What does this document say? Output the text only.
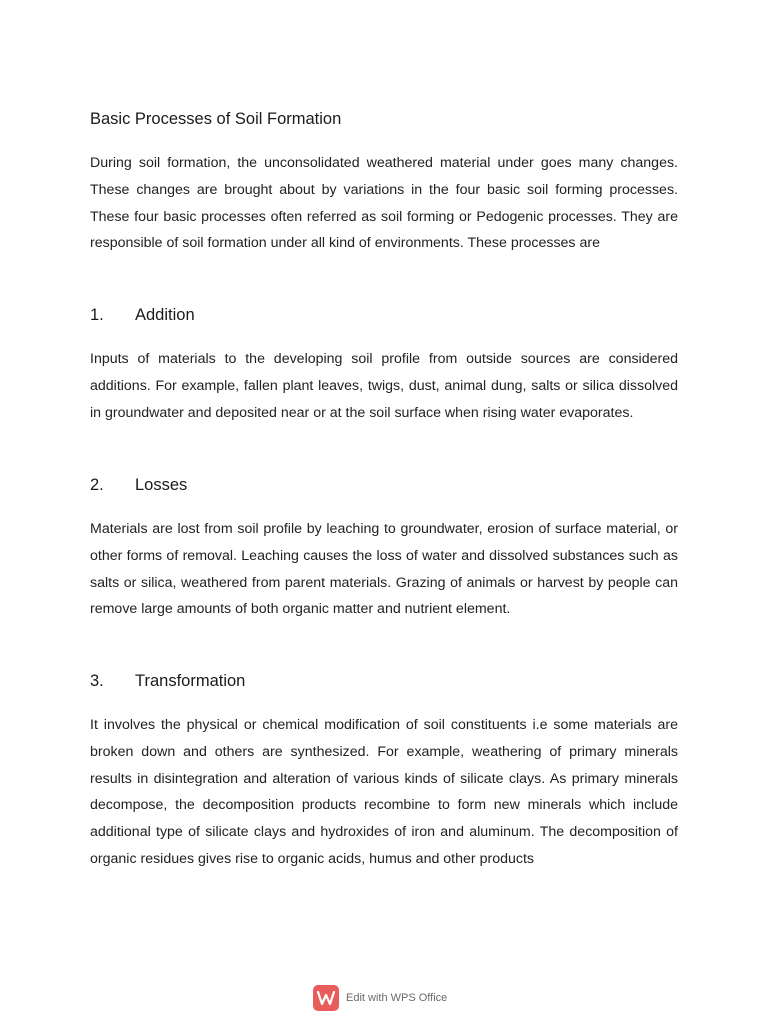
Basic Processes of Soil Formation

During soil formation, the unconsolidated weathered material under goes many changes. These changes are brought about by variations in the four basic soil forming processes. These four basic processes often referred as soil forming or Pedogenic processes. They are responsible of soil formation under all kind of environments. These processes are

1. Addition

Inputs of materials to the developing soil profile from outside sources are considered additions. For example, fallen plant leaves, twigs, dust, animal dung, salts or silica dissolved in groundwater and deposited near or at the soil surface when rising water evaporates.

2. Losses

Materials are lost from soil profile by leaching to groundwater, erosion of surface material, or other forms of removal. Leaching causes the loss of water and dissolved substances such as salts or silica, weathered from parent materials. Grazing of animals or harvest by people can remove large amounts of both organic matter and nutrient element.

3. Transformation

It involves the physical or chemical modification of soil constituents i.e some materials are broken down and others are synthesized. For example, weathering of primary minerals results in disintegration and alteration of various kinds of silicate clays. As primary minerals decompose, the decomposition products recombine to form new minerals which include additional type of silicate clays and hydroxides of iron and aluminum. The decomposition of organic residues gives rise to organic acids, humus and other products

Edit with WPS Office
